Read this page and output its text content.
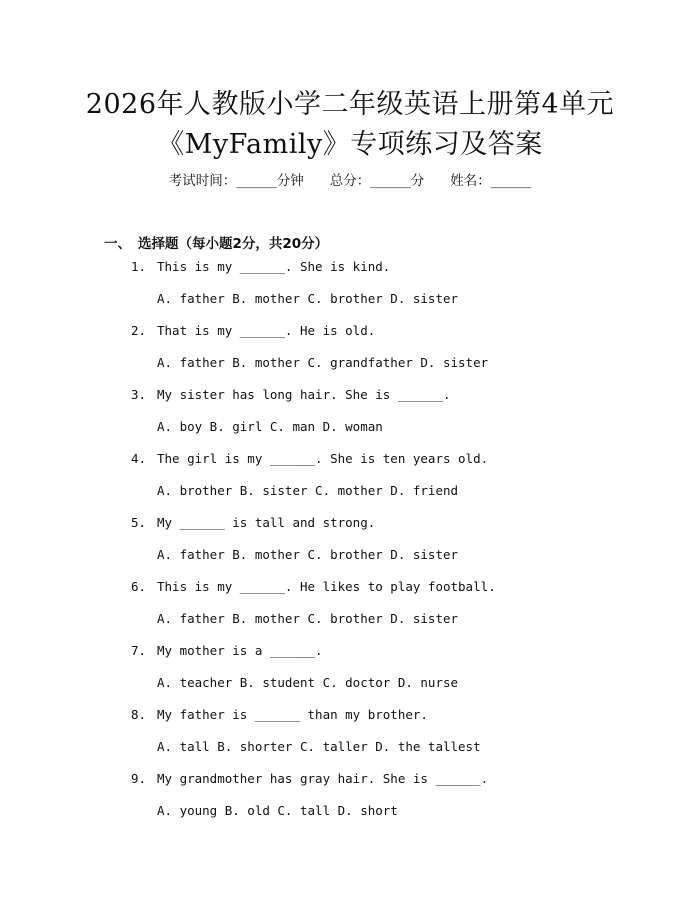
2026年人教版小学二年级英语上册第4单元
《MyFamily》专项练习及答案
考试时间：______分钟 总分：______分 姓名：______
一、 选择题（每小题2分，共20分）
1. This is my ______. She is kind.
A. father B. mother C. brother D. sister
2. That is my ______. He is old.
A. father B. mother C. grandfather D. sister
3. My sister has long hair. She is ______.
A. boy B. girl C. man D. woman
4. The girl is my ______. She is ten years old.
A. brother B. sister C. mother D. friend
5. My ______ is tall and strong.
A. father B. mother C. brother D. sister
6. This is my ______. He likes to play football.
A. father B. mother C. brother D. sister
7. My mother is a ______.
A. teacher B. student C. doctor D. nurse
8. My father is ______ than my brother.
A. tall B. shorter C. taller D. the tallest
9. My grandmother has gray hair. She is ______.
A. young B. old C. tall D. short
